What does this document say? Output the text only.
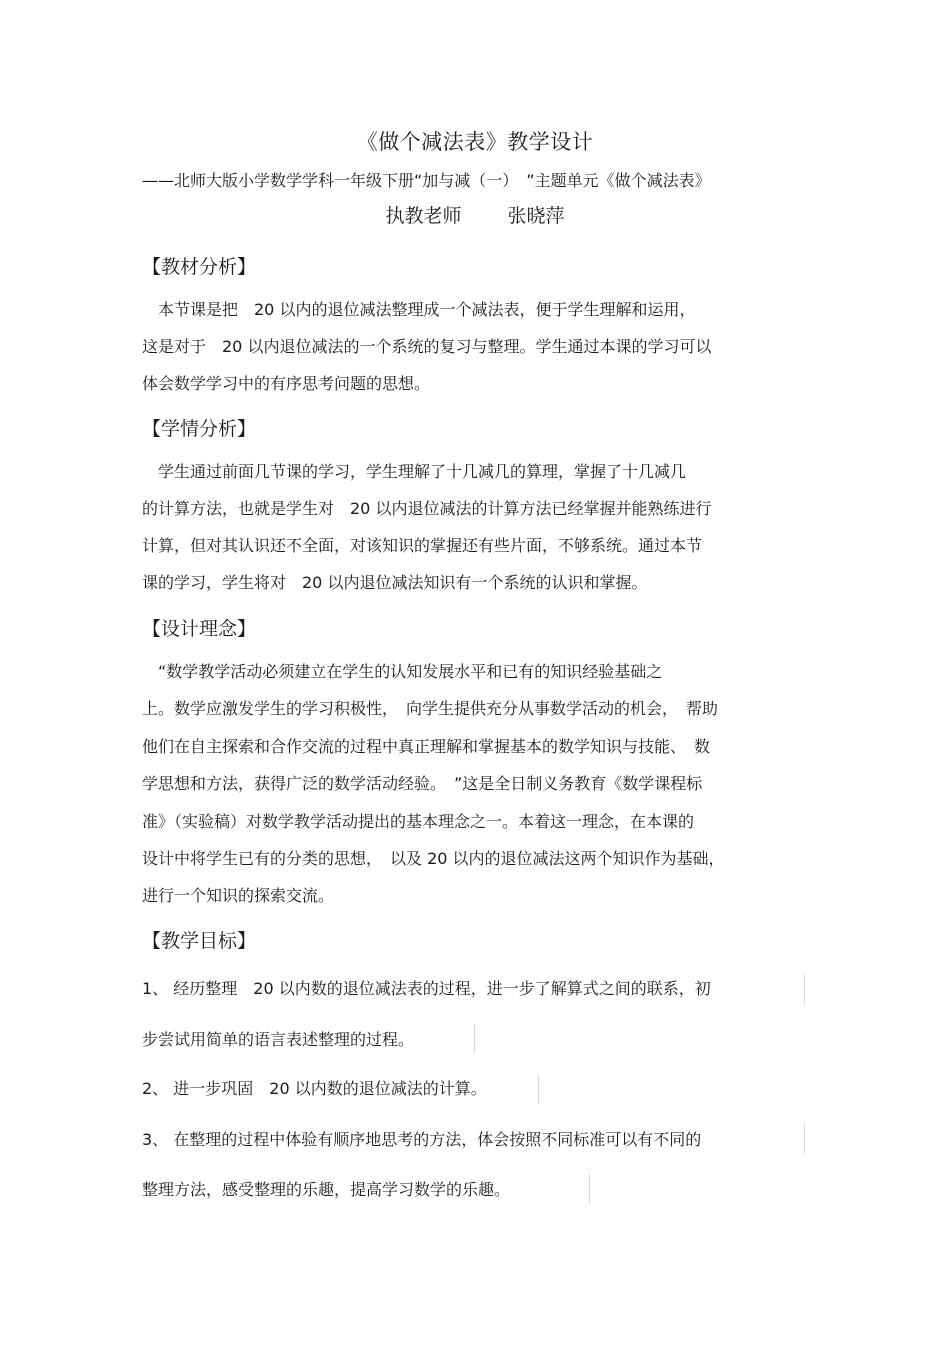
《做个减法表》教学设计
——北师大版小学数学学科一年级下册“加与减（一）　”主题单元《做个减法表》
执教老师 张晓萍
【教材分析】
　本节课是把　20 以内的退位减法整理成一个减法表，便于学生理解和运用，
这是对于　20 以内退位减法的一个系统的复习与整理。学生通过本课的学习可以
体会数学学习中的有序思考问题的思想。
【学情分析】
　学生通过前面几节课的学习，学生理解了十几减几的算理，掌握了十几减几
的计算方法，也就是学生对　20 以内退位减法的计算方法已经掌握并能熟练进行
计算，但对其认识还不全面，对该知识的掌握还有些片面，不够系统。通过本节
课的学习，学生将对　20 以内退位减法知识有一个系统的认识和掌握。
【设计理念】
　“数学教学活动必须建立在学生的认知发展水平和已有的知识经验基础之
上。数学应激发学生的学习积极性，　向学生提供充分从事数学活动的机会，　帮助
他们在自主探索和合作交流的过程中真正理解和掌握基本的数学知识与技能、　数
学思想和方法，获得广泛的数学活动经验。　”这是全日制义务教育《数学课程标
准》（实验稿）对数学教学活动提出的基本理念之一。本着这一理念，在本课的
设计中将学生已有的分类的思想，　以及 20 以内的退位减法这两个知识作为基础，
进行一个知识的探索交流。
【教学目标】
1、 经历整理　20 以内数的退位减法表的过程，进一步了解算式之间的联系，初
步尝试用简单的语言表述整理的过程。
2、 进一步巩固　20 以内数的退位减法的计算。
3、 在整理的过程中体验有顺序地思考的方法，体会按照不同标准可以有不同的
整理方法，感受整理的乐趣，提高学习数学的乐趣。
